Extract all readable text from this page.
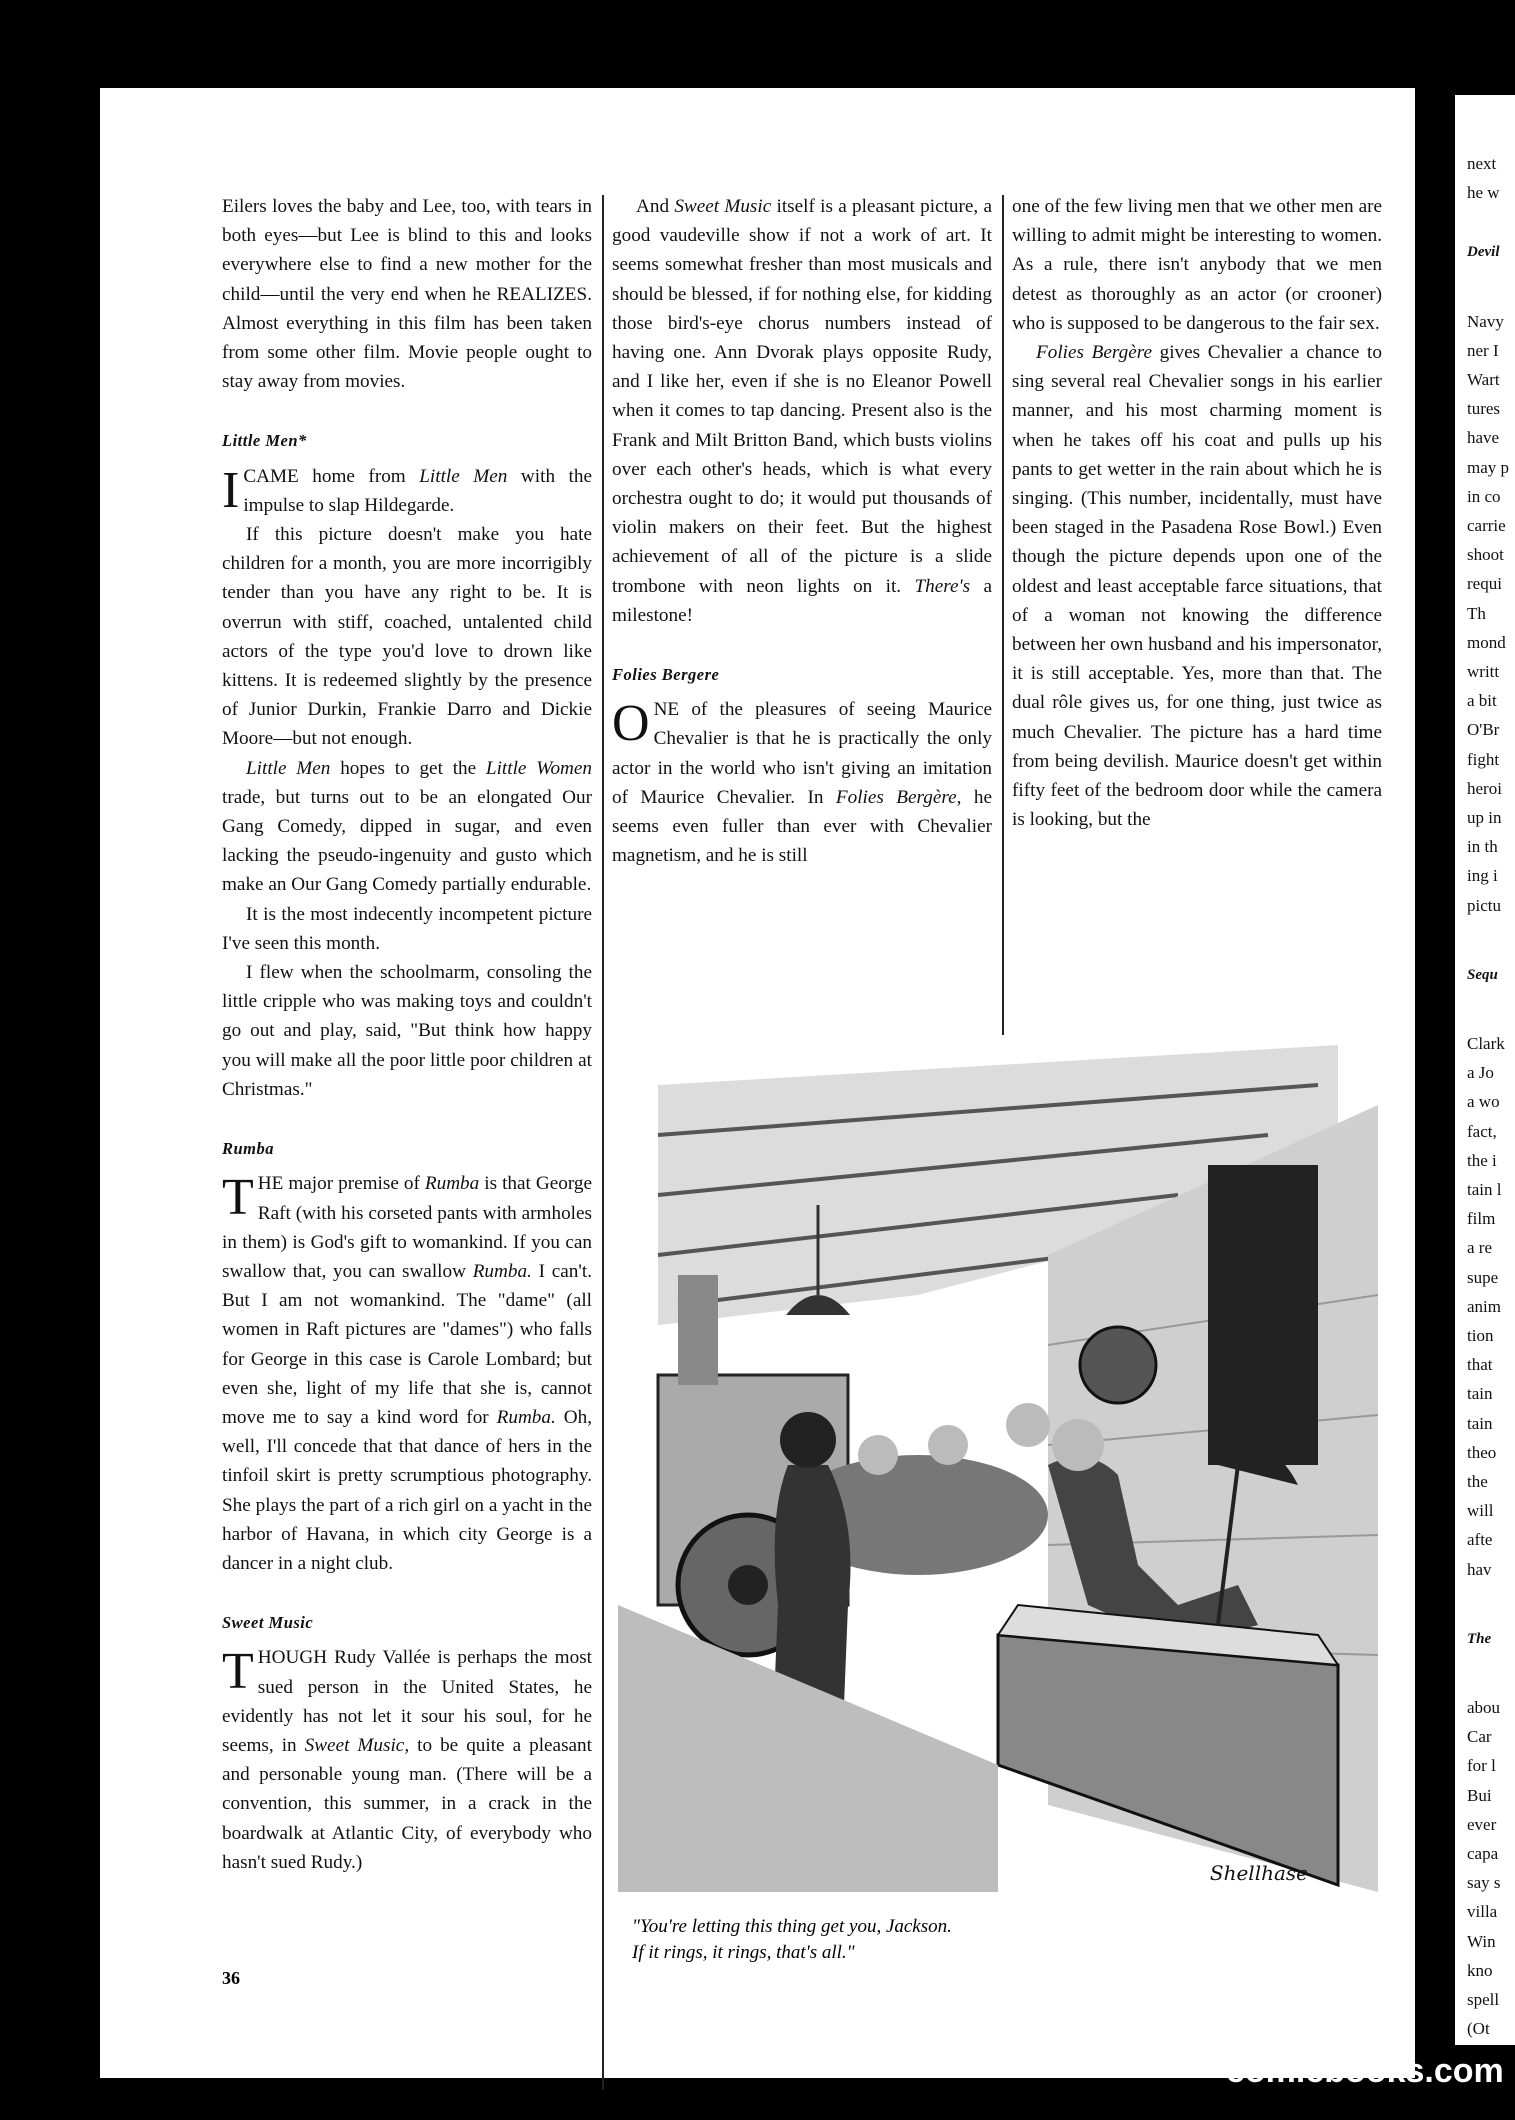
next
he w
Devil
Navy
ner I
Wart
tures
have
may p
in co
carrie
shoot
requi
Th
mond
writt
a bit
O'Br
fight
heroi
up in
in th
ing i
pictu
Sequ
Clark
a Jo
a wo
fact,
the i
tain l
film
a re
supe
anim
tion
that
tain
tain
theo
the
will
afte
hav
The
abou
Car
for l
Bui
ever
capa
say s
villa
Win
kno
spell
(Ot

Eilers loves the baby and Lee, too, with tears in both eyes—but Lee is blind to this and looks everywhere else to find a new mother for the child—until the very end when he REALIZES. Almost everything in this film has been taken from some other film. Movie people ought to stay away from movies.

Little Men*

I CAME home from Little Men with the impulse to slap Hildegarde.

If this picture doesn't make you hate children for a month, you are more incorrigibly tender than you have any right to be. It is overrun with stiff, coached, untalented child actors of the type you'd love to drown like kittens. It is redeemed slightly by the presence of Junior Durkin, Frankie Darro and Dickie Moore—but not enough.

Little Men hopes to get the Little Women trade, but turns out to be an elongated Our Gang Comedy, dipped in sugar, and even lacking the pseudo-ingenuity and gusto which make an Our Gang Comedy partially endurable.

It is the most indecently incompetent picture I've seen this month.

I flew when the schoolmarm, consoling the little cripple who was making toys and couldn't go out and play, said, "But think how happy you will make all the poor little poor children at Christmas."

Rumba

THE major premise of Rumba is that George Raft (with his corseted pants with armholes in them) is God's gift to womankind. If you can swallow that, you can swallow Rumba. I can't. But I am not womankind. The "dame" (all women in Raft pictures are "dames") who falls for George in this case is Carole Lombard; but even she, light of my life that she is, cannot move me to say a kind word for Rumba. Oh, well, I'll concede that that dance of hers in the tinfoil skirt is pretty scrumptious photography. She plays the part of a rich girl on a yacht in the harbor of Havana, in which city George is a dancer in a night club.

Sweet Music

THOUGH Rudy Vallée is perhaps the most sued person in the United States, he evidently has not let it sour his soul, for he seems, in Sweet Music, to be quite a pleasant and personable young man. (There will be a convention, this summer, in a crack in the boardwalk at Atlantic City, of everybody who hasn't sued Rudy.)

And Sweet Music itself is a pleasant picture, a good vaudeville show if not a work of art. It seems somewhat fresher than most musicals and should be blessed, if for nothing else, for kidding those bird's-eye chorus numbers instead of having one. Ann Dvorak plays opposite Rudy, and I like her, even if she is no Eleanor Powell when it comes to tap dancing. Present also is the Frank and Milt Britton Band, which busts violins over each other's heads, which is what every orchestra ought to do; it would put thousands of violin makers on their feet. But the highest achievement of all of the picture is a slide trombone with neon lights on it. There's a milestone!

Folies Bergere

ONE of the pleasures of seeing Maurice Chevalier is that he is practically the only actor in the world who isn't giving an imitation of Maurice Chevalier. In Folies Bergère, he seems even fuller than ever with Chevalier magnetism, and he is still

one of the few living men that we other men are willing to admit might be interesting to women. As a rule, there isn't anybody that we men detest as thoroughly as an actor (or crooner) who is supposed to be dangerous to the fair sex.

Folies Bergère gives Chevalier a chance to sing several real Chevalier songs in his earlier manner, and his most charming moment is when he takes off his coat and pulls up his pants to get wetter in the rain about which he is singing. (This number, incidentally, must have been staged in the Pasadena Rose Bowl.) Even though the picture depends upon one of the oldest and least acceptable farce situations, that of a woman not knowing the difference between her own husband and his impersonator, it is still acceptable. Yes, more than that. The dual rôle gives us, for one thing, just twice as much Chevalier. The picture has a hard time from being devilish. Maurice doesn't get within fifty feet of the bedroom door while the camera is looking, but the

Shellhase
"You're letting this thing get you, Jackson.
If it rings, it rings, that's all."
36
comicbooks.com
